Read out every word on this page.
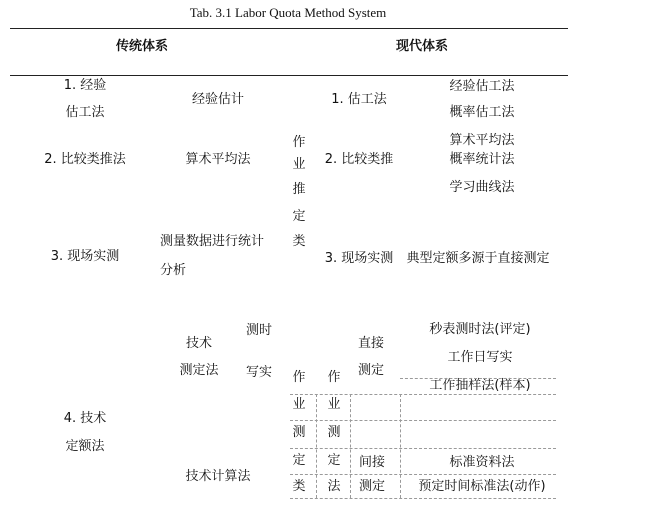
Tab. 3.1 Labor Quota Method System
传统体系	现代体系
1. 经验
估工法
经验估计
2. 比较类推法	算术平均法
3. 现场实测
测量数据进行统计
分析
4. 技术
定额法
技术
测定法
测时
写实
技术计算法
作
业
推
定
类
1. 估工法
经验估工法
概率估工法
2. 比较类推
算术平均法
概率统计法
学习曲线法
3. 现场实测 典型定额多源于直接测定
直接
测定
秒表测时法(评定)
工作日写实
工作抽样法(样本)
作
业
测
定
类
作
业
测
定
法
间接
测定
标准资料法
预定时间标准法(动作)
